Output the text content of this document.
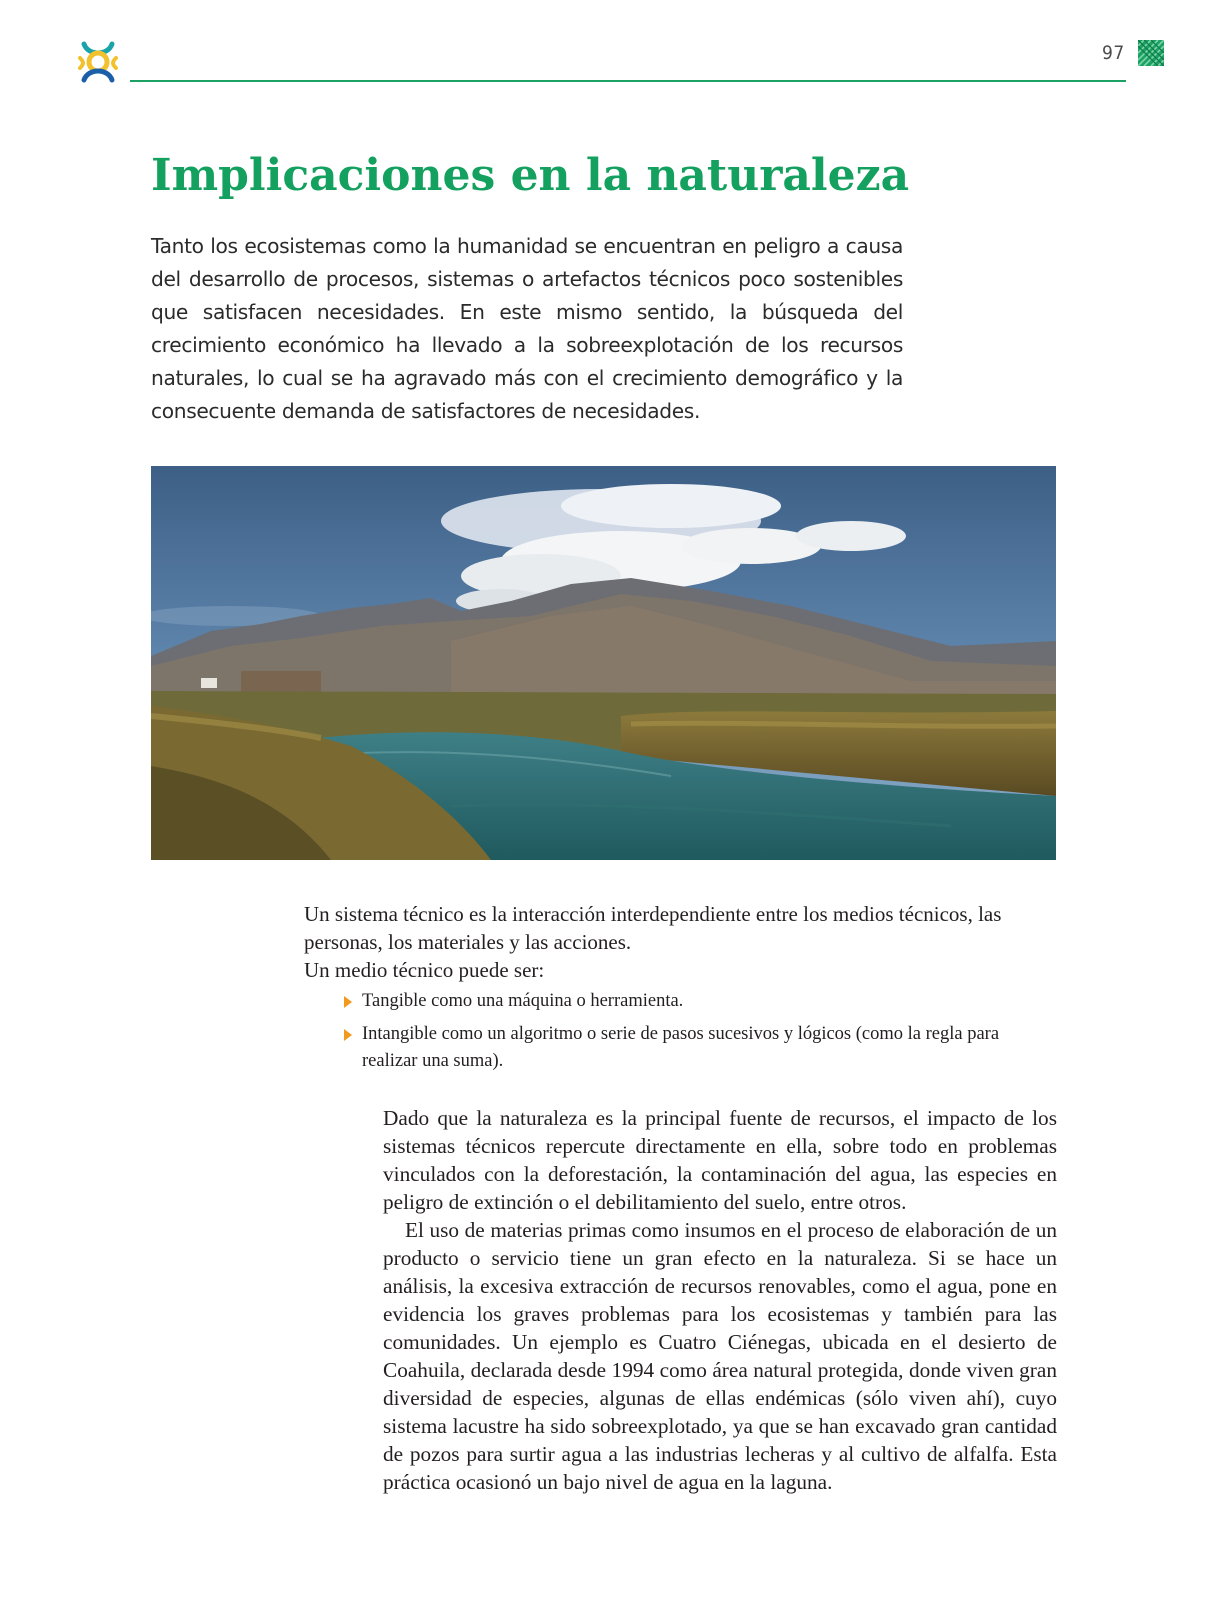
97
Implicaciones en la naturaleza

Tanto los ecosistemas como la humanidad se encuentran en peligro a causa del desarrollo de procesos, sistemas o artefactos técnicos poco sostenibles que satisfacen necesidades. En este mismo sentido, la búsqueda del crecimiento económico ha llevado a la sobreexplotación de los recursos naturales, lo cual se ha agravado más con el crecimiento demográfico y la consecuente demanda de satisfactores de necesidades.

Un sistema técnico es la interacción interdependiente entre los medios técnicos, las personas, los materiales y las acciones.

Un medio técnico puede ser:

Tangible como una máquina o herramienta.
Intangible como un algoritmo o serie de pasos sucesivos y lógicos (como la regla para realizar una suma).

Dado que la naturaleza es la principal fuente de recursos, el impacto de los sistemas técnicos repercute directamente en ella, sobre todo en problemas vinculados con la deforestación, la contaminación del agua, las especies en peligro de extinción o el debilitamiento del suelo, entre otros.

El uso de materias primas como insumos en el proceso de elaboración de un producto o servicio tiene un gran efecto en la naturaleza. Si se hace un análisis, la excesiva extracción de recursos renovables, como el agua, pone en evidencia los graves problemas para los ecosistemas y también para las comunidades. Un ejemplo es Cuatro Ciénegas, ubicada en el desierto de Coahuila, declarada desde 1994 como área natural protegida, donde viven gran diversidad de especies, algunas de ellas endémicas (sólo viven ahí), cuyo sistema lacustre ha sido sobreexplotado, ya que se han excavado gran cantidad de pozos para surtir agua a las industrias lecheras y al cultivo de alfalfa. Esta práctica ocasionó un bajo nivel de agua en la laguna.
